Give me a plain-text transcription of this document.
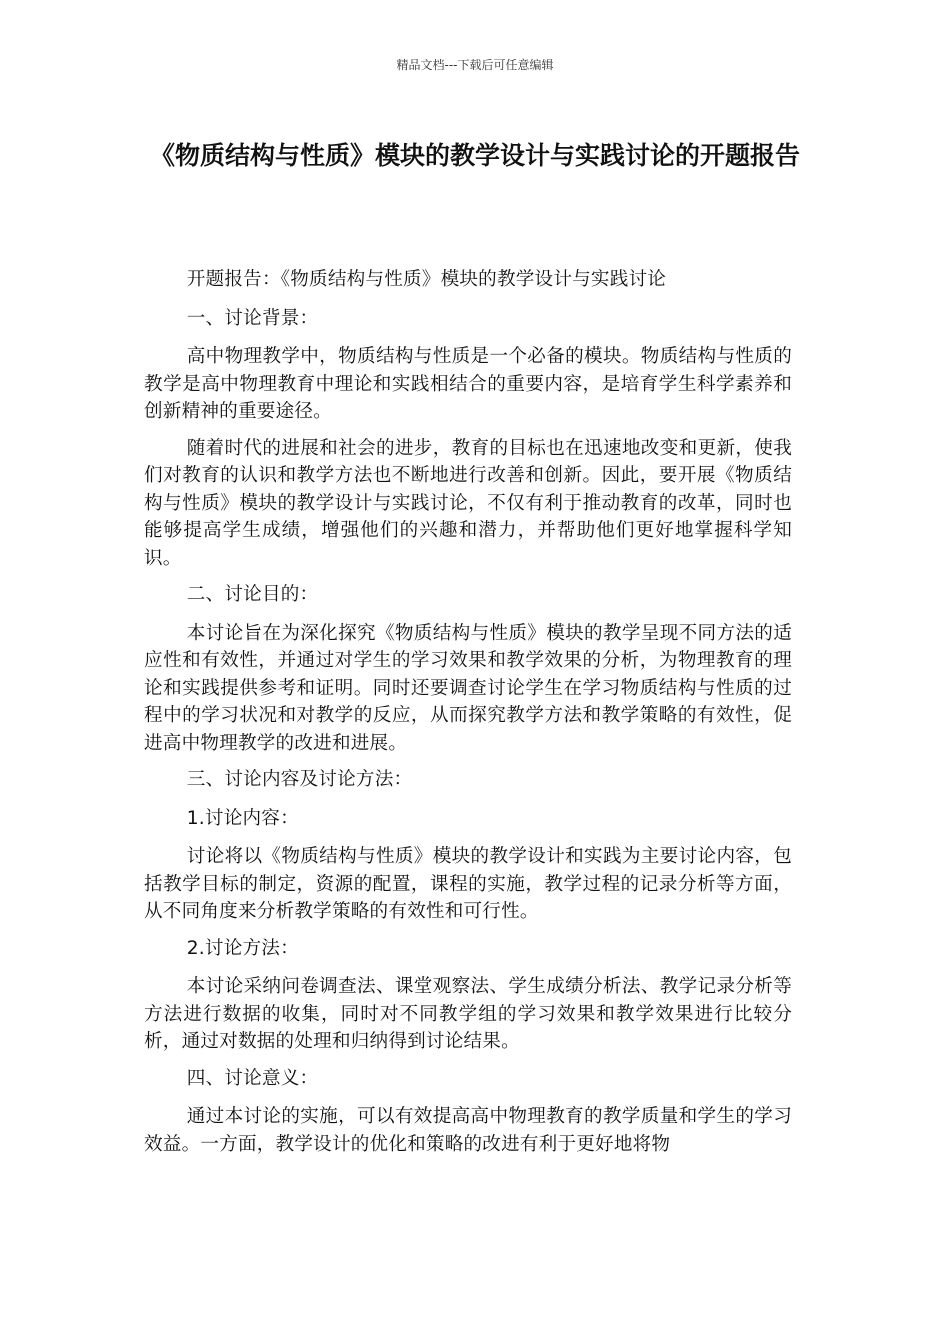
精品文档---下载后可任意编辑
《物质结构与性质》模块的教学设计与实践讨论的开题报告

开题报告：《物质结构与性质》模块的教学设计与实践讨论

一、讨论背景：

高中物理教学中，物质结构与性质是一个必备的模块。物质结构与性质的教学是高中物理教育中理论和实践相结合的重要内容，是培育学生科学素养和创新精神的重要途径。

随着时代的进展和社会的进步，教育的目标也在迅速地改变和更新，使我们对教育的认识和教学方法也不断地进行改善和创新。因此，要开展《物质结构与性质》模块的教学设计与实践讨论，不仅有利于推动教育的改革，同时也能够提高学生成绩，增强他们的兴趣和潜力，并帮助他们更好地掌握科学知识。

二、讨论目的：

本讨论旨在为深化探究《物质结构与性质》模块的教学呈现不同方法的适应性和有效性，并通过对学生的学习效果和教学效果的分析，为物理教育的理论和实践提供参考和证明。同时还要调查讨论学生在学习物质结构与性质的过程中的学习状况和对教学的反应，从而探究教学方法和教学策略的有效性，促进高中物理教学的改进和进展。

三、讨论内容及讨论方法：

1.讨论内容：

讨论将以《物质结构与性质》模块的教学设计和实践为主要讨论内容，包括教学目标的制定，资源的配置，课程的实施，教学过程的记录分析等方面，从不同角度来分析教学策略的有效性和可行性。

2.讨论方法：

本讨论采纳问卷调查法、课堂观察法、学生成绩分析法、教学记录分析等方法进行数据的收集，同时对不同教学组的学习效果和教学效果进行比较分析，通过对数据的处理和归纳得到讨论结果。

四、讨论意义：

通过本讨论的实施，可以有效提高高中物理教育的教学质量和学生的学习效益。一方面，教学设计的优化和策略的改进有利于更好地将物
